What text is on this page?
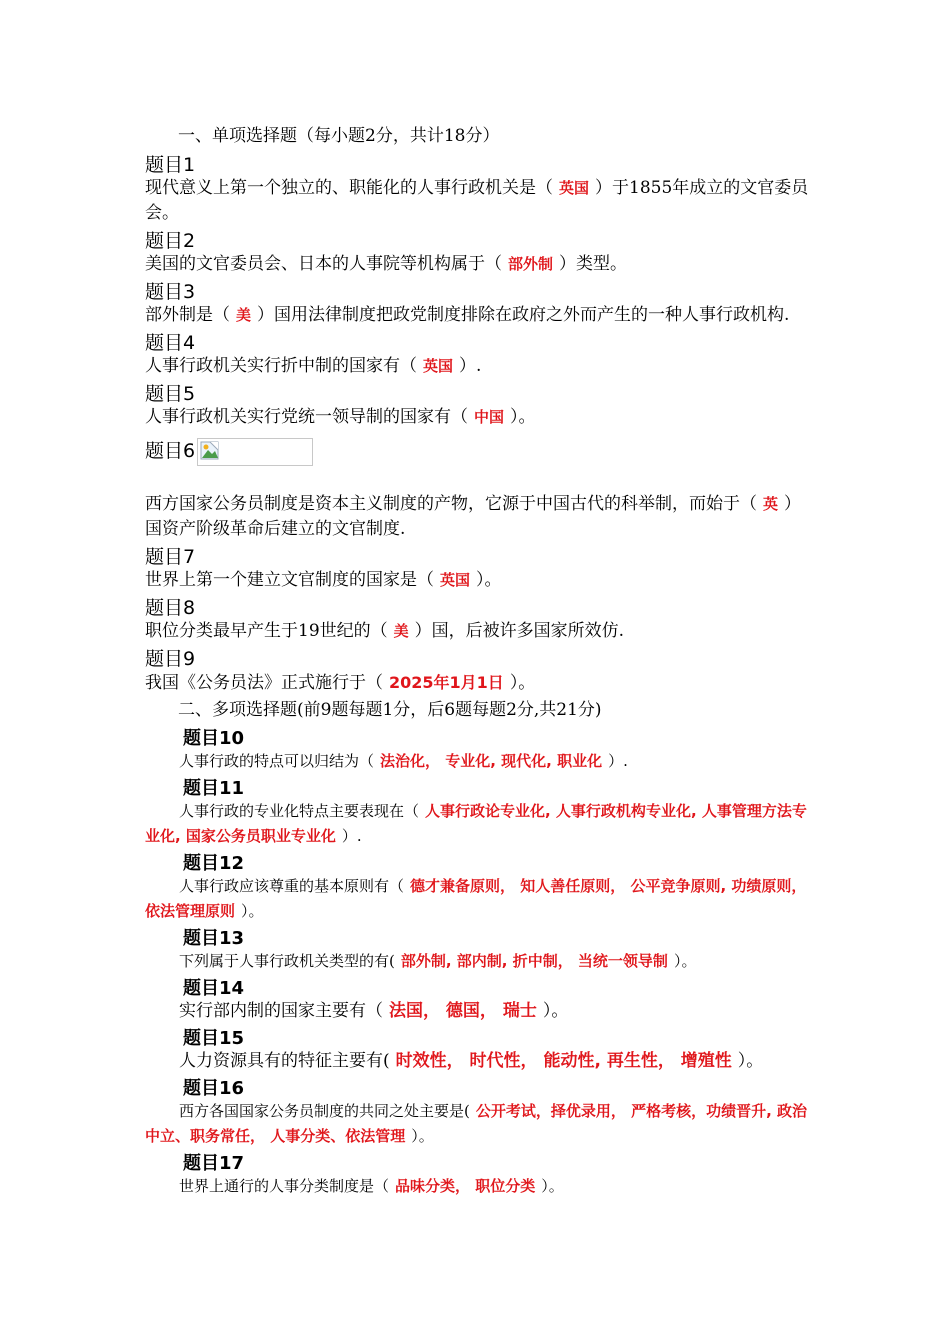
一、单项选择题（每小题2分，共计18分）

题目1

现代意义上第一个独立的、职能化的人事行政机关是（ 英国 ）于1855年成立的文官委员会。

题目2

美国的文官委员会、日本的人事院等机构属于（ 部外制 ）类型。

题目3

部外制是（ 美 ）国用法律制度把政党制度排除在政府之外而产生的一种人事行政机构.

题目4

人事行政机关实行折中制的国家有（ 英国 ）.

题目5

人事行政机关实行党统一领导制的国家有（ 中国 ）。

题目6

西方国家公务员制度是资本主义制度的产物，它源于中国古代的科举制，而始于（ 英 ）国资产阶级革命后建立的文官制度.

题目7

世界上第一个建立文官制度的国家是（ 英国 ）。

题目8

职位分类最早产生于19世纪的（ 美 ）国，后被许多国家所效仿.

题目9

我国《公务员法》正式施行于（ 2025年1月1日 ）。

二、多项选择题(前9题每题1分，后6题每题2分,共21分)

题目10

人事行政的特点可以归结为（ 法治化， 专业化, 现代化, 职业化 ）.

题目11

人事行政的专业化特点主要表现在（ 人事行政论专业化, 人事行政机构专业化, 人事管理方法专业化, 国家公务员职业专业化 ）.

题目12

人事行政应该尊重的基本原则有（ 德才兼备原则， 知人善任原则， 公平竞争原则, 功绩原则， 依法管理原则 ）。

题目13

下列属于人事行政机关类型的有( 部外制, 部内制, 折中制， 当统一领导制 ）。

题目14

实行部内制的国家主要有（ 法国， 德国， 瑞士 ）。

题目15

人力资源具有的特征主要有( 时效性， 时代性， 能动性, 再生性， 增殖性 ）。

题目16

西方各国国家公务员制度的共同之处主要是( 公开考试，择优录用， 严格考核，功绩晋升, 政治中立、职务常任， 人事分类、依法管理 ）。

题目17

世界上通行的人事分类制度是（ 品味分类， 职位分类 ）。
